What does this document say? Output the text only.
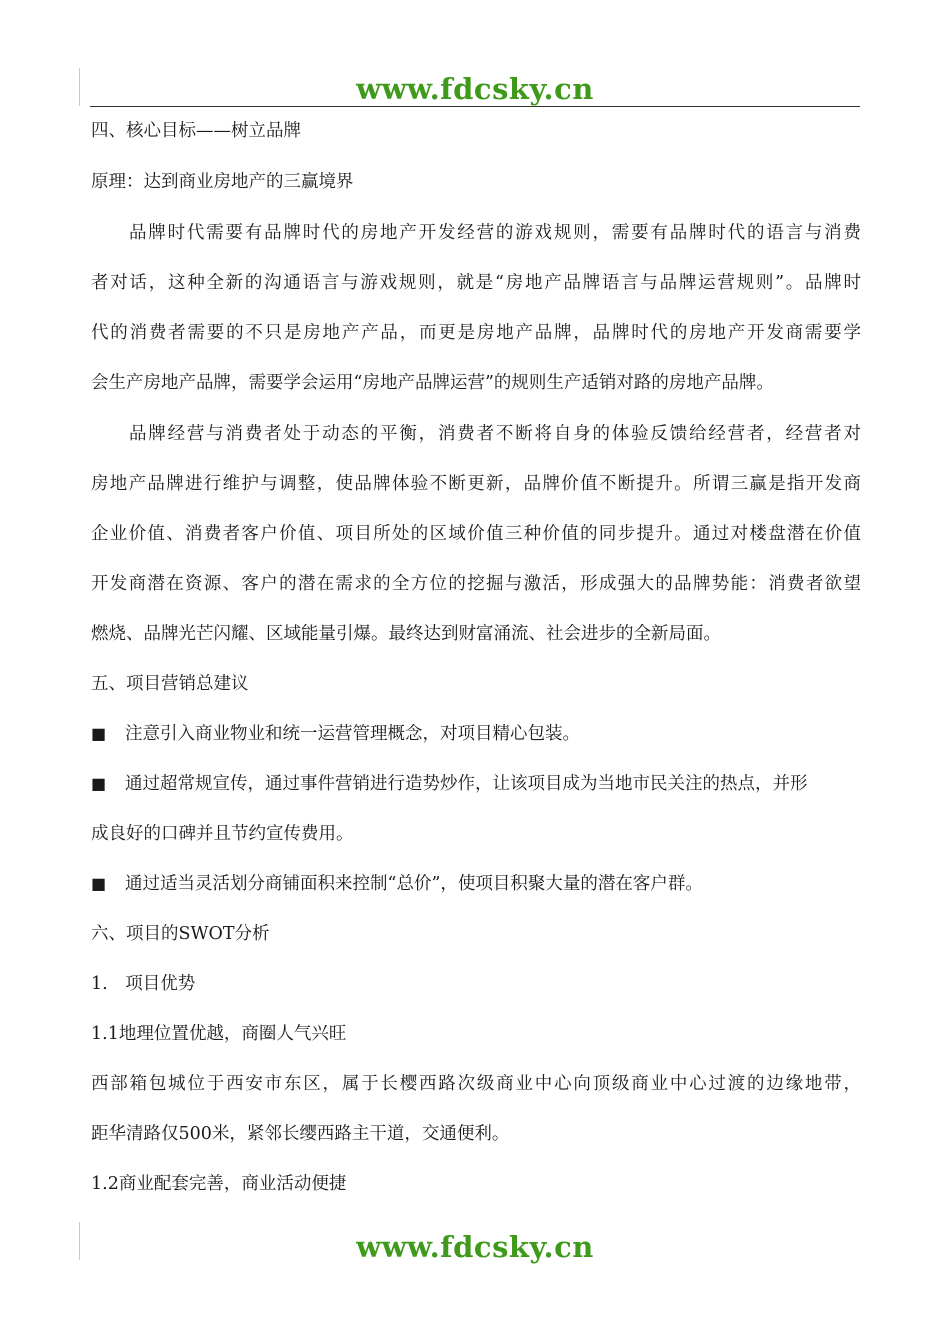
www.fdcsky.cn
四、核心目标——树立品牌
原理：达到商业房地产的三赢境界
品牌时代需要有品牌时代的房地产开发经营的游戏规则，需要有品牌时代的语言与消费
者对话，这种全新的沟通语言与游戏规则，就是“房地产品牌语言与品牌运营规则”。品牌时
代的消费者需要的不只是房地产产品，而更是房地产品牌，品牌时代的房地产开发商需要学
会生产房地产品牌，需要学会运用“房地产品牌运营”的规则生产适销对路的房地产品牌。
品牌经营与消费者处于动态的平衡，消费者不断将自身的体验反馈给经营者，经营者对
房地产品牌进行维护与调整，使品牌体验不断更新，品牌价值不断提升。所谓三赢是指开发商
企业价值、消费者客户价值、项目所处的区域价值三种价值的同步提升。通过对楼盘潜在价值
开发商潜在资源、客户的潜在需求的全方位的挖掘与激活，形成强大的品牌势能：消费者欲望
燃烧、品牌光芒闪耀、区域能量引爆。最终达到财富涌流、社会进步的全新局面。
五、项目营销总建议
■ 注意引入商业物业和统一运营管理概念，对项目精心包装。
■ 通过超常规宣传，通过事件营销进行造势炒作，让该项目成为当地市民关注的热点，并形
成良好的口碑并且节约宣传费用。
■ 通过适当灵活划分商铺面积来控制“总价”，使项目积聚大量的潜在客户群。
六、项目的SWOT分析
1.　项目优势
1.1地理位置优越，商圈人气兴旺
西部箱包城位于西安市东区，属于长樱西路次级商业中心向顶级商业中心过渡的边缘地带，
距华清路仅500米，紧邻长缨西路主干道，交通便利。
1.2商业配套完善，商业活动便捷
www.fdcsky.cn
